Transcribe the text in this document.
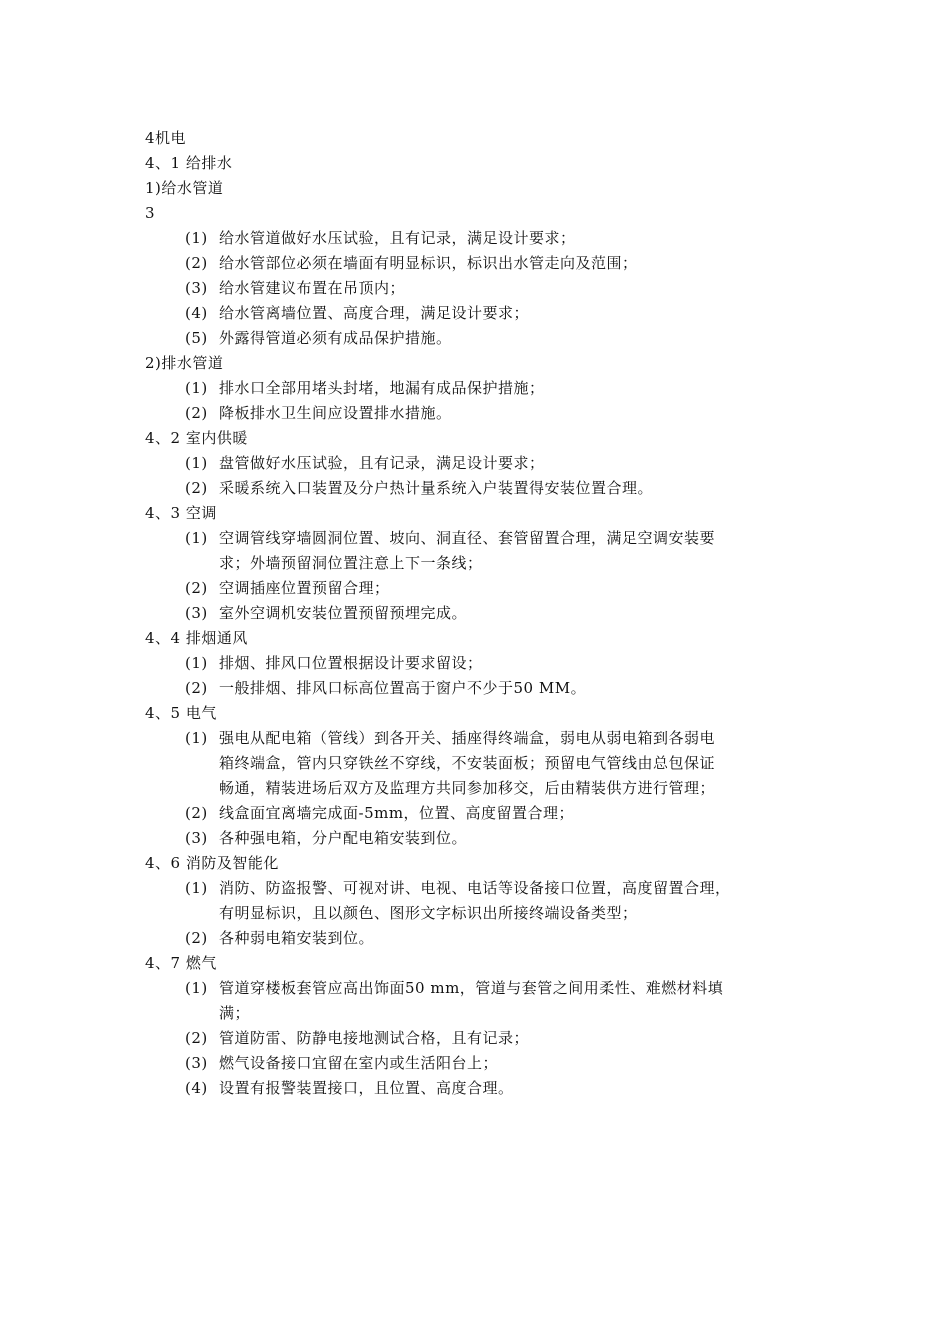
4机电
4、1 给排水
1)给水管道
3
(1) 给水管道做好水压试验，且有记录，满足设计要求；
(2) 给水管部位必须在墙面有明显标识，标识出水管走向及范围；
(3) 给水管建议布置在吊顶内；
(4) 给水管离墙位置、高度合理，满足设计要求；
(5) 外露得管道必须有成品保护措施。
2)排水管道
(1) 排水口全部用堵头封堵，地漏有成品保护措施；
(2) 降板排水卫生间应设置排水措施。
4、2 室内供暖
(1) 盘管做好水压试验，且有记录，满足设计要求；
(2) 采暖系统入口装置及分户热计量系统入户装置得安装位置合理。
4、3 空调
(1) 空调管线穿墙圆洞位置、坡向、洞直径、套管留置合理，满足空调安装要
求；外墙预留洞位置注意上下一条线；
(2) 空调插座位置预留合理；
(3) 室外空调机安装位置预留预埋完成。
4、4 排烟通风
(1) 排烟、排风口位置根据设计要求留设；
(2) 一般排烟、排风口标高位置高于窗户不少于50 MM。
4、5 电气
(1) 强电从配电箱（管线）到各开关、插座得终端盒，弱电从弱电箱到各弱电
箱终端盒，管内只穿铁丝不穿线，不安装面板；预留电气管线由总包保证
畅通，精装进场后双方及监理方共同参加移交，后由精装供方进行管理；
(2) 线盒面宜离墙完成面-5mm，位置、高度留置合理；
(3) 各种强电箱，分户配电箱安装到位。
4、6 消防及智能化
(1) 消防、防盗报警、可视对讲、电视、电话等设备接口位置，高度留置合理，
有明显标识，且以颜色、图形文字标识出所接终端设备类型；
(2) 各种弱电箱安装到位。
4、7 燃气
(1) 管道穿楼板套管应高出饰面50 mm，管道与套管之间用柔性、难燃材料填
满；
(2) 管道防雷、防静电接地测试合格，且有记录；
(3) 燃气设备接口宜留在室内或生活阳台上；
(4) 设置有报警装置接口，且位置、高度合理。
